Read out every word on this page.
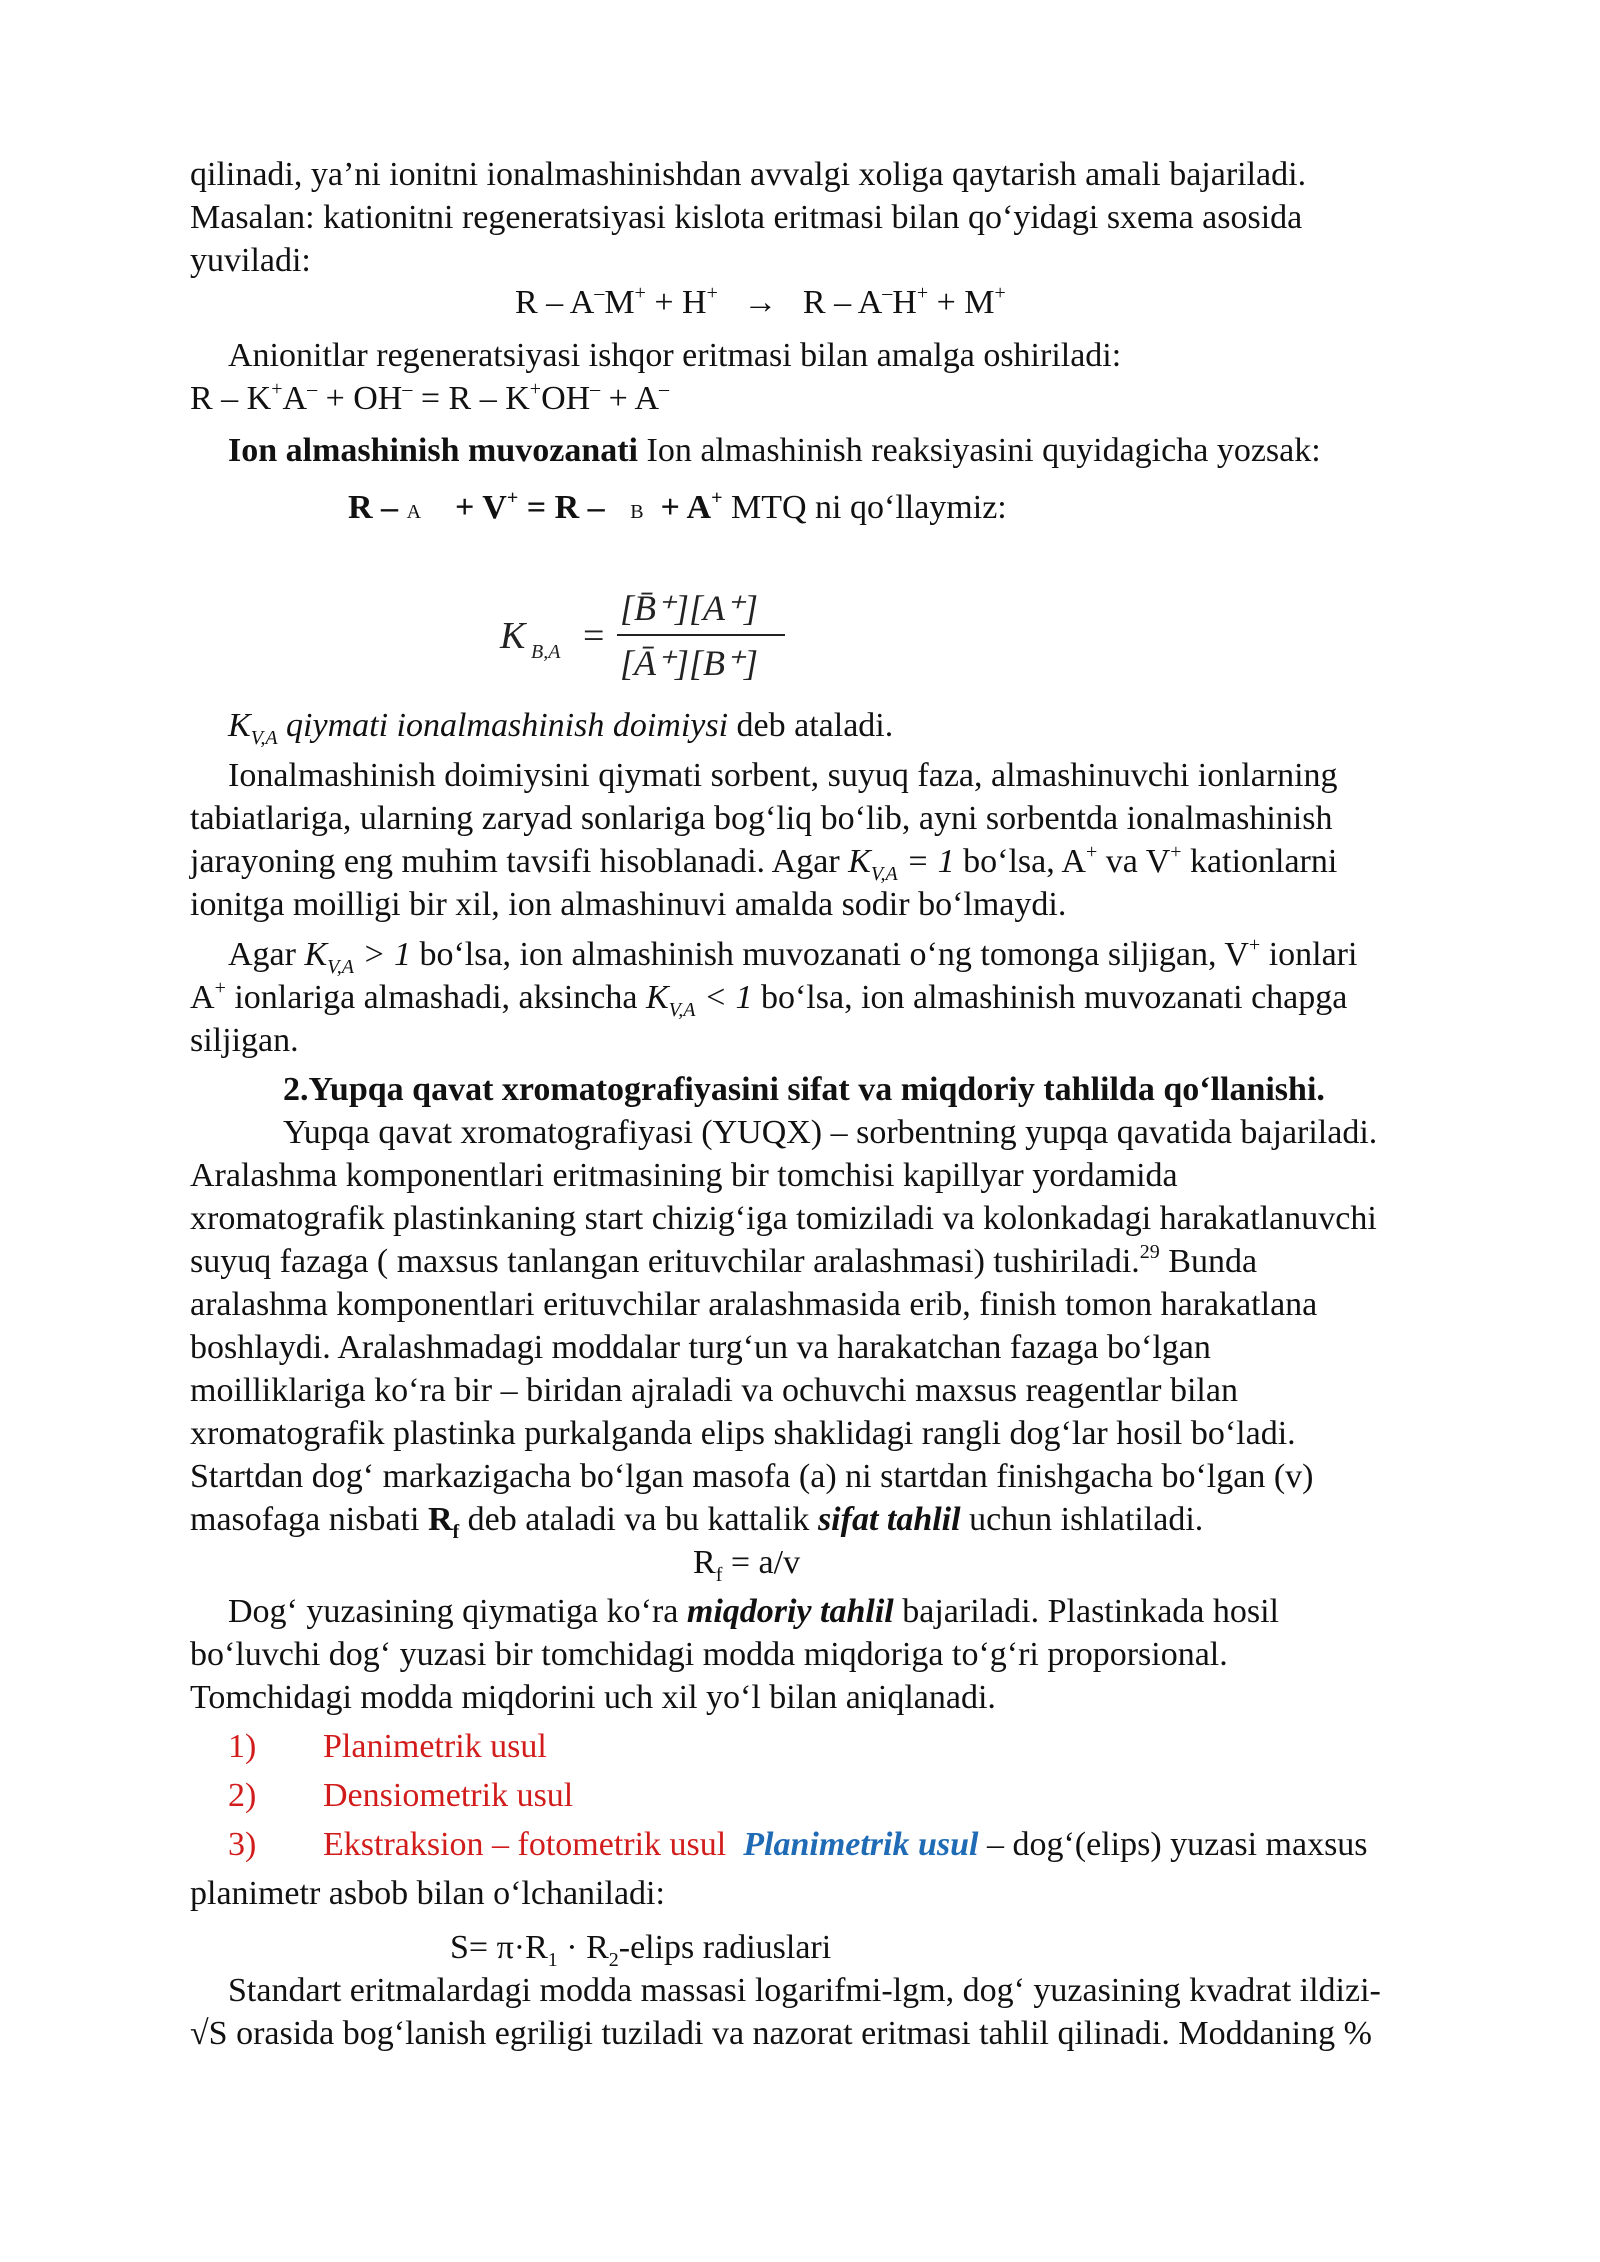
qilinadi, ya’ni ionitni ionalmashinishdan avvalgi xoliga qaytarish amali bajariladi.
Masalan: kationitni regeneratsiyasi kislota eritmasi bilan qo‘yidagi sxema asosida
yuviladi:
R – A–M+ + H+ → R – A–H+ + M+
Anionitlar regeneratsiyasi ishqor eritmasi bilan amalga oshiriladi:
R – K+A– + OH– = R – K+OH– + A–
Ion almashinish muvozanati Ion almashinish reaksiyasini quyidagicha yozsak:
R – A + V+ = R – B + A+ MTQ ni qo‘llaymiz:
K B,A =
[B̄⁺][A⁺]
[Ā⁺][B⁺]
$K_{V,A}$ qiymati ionalmashinish doimiysi deb ataladi.
Ionalmashinish doimiysini qiymati sorbent, suyuq faza, almashinuvchi ionlarning
tabiatlariga, ularning zaryad sonlariga bog‘liq bo‘lib, ayni sorbentda ionalmashinish
jarayoning eng muhim tavsifi hisoblanadi. Agar $K_{V,A} = 1$ bo‘lsa, A+ va V+ kationlarni
ionitga moilligi bir xil, ion almashinuvi amalda sodir bo‘lmaydi.
Agar $K_{V,A} > 1$ bo‘lsa, ion almashinish muvozanati o‘ng tomonga siljigan, V+ ionlari
A+ ionlariga almashadi, aksincha $K_{V,A} < 1$ bo‘lsa, ion almashinish muvozanati chapga
siljigan.
2.Yupqa qavat xromatografiyasini sifat va miqdoriy tahlilda qo‘llanishi.
Yupqa qavat xromatografiyasi (YUQX) – sorbentning yupqa qavatida bajariladi.
Aralashma komponentlari eritmasining bir tomchisi kapillyar yordamida
xromatografik plastinkaning start chizig‘iga tomiziladi va kolonkadagi harakatlanuvchi
suyuq fazaga ( maxsus tanlangan erituvchilar aralashmasi) tushiriladi.$^{29}$ Bunda
aralashma komponentlari erituvchilar aralashmasida erib, finish tomon harakatlana
boshlaydi. Aralashmadagi moddalar turg‘un va harakatchan fazaga bo‘lgan
moilliklariga ko‘ra bir – biridan ajraladi va ochuvchi maxsus reagentlar bilan
xromatografik plastinka purkalganda elips shaklidagi rangli dog‘lar hosil bo‘ladi.
Startdan dog‘ markazigacha bo‘lgan masofa (a) ni startdan finishgacha bo‘lgan (v)
masofaga nisbati $R_f$ deb ataladi va bu kattalik sifat tahlil uchun ishlatiladi.
$R_f = a/v$
Dog‘ yuzasining qiymatiga ko‘ra miqdoriy tahlil bajariladi. Plastinkada hosil
bo‘luvchi dog‘ yuzasi bir tomchidagi modda miqdoriga to‘g‘ri proporsional.
Tomchidagi modda miqdorini uch xil yo‘l bilan aniqlanadi.
1) Planimetrik usul
2) Densiometrik usul
3) Ekstraksion – fotometrik usul Planimetrik usul – dog‘(elips) yuzasi maxsus
planimetr asbob bilan o‘lchaniladi:
$S= \pi\cdot R_1$ · $R_2$-elips radiuslari
Standart eritmalardagi modda massasi logarifmi-lgm, dog‘ yuzasining kvadrat ildizi-
√S orasida bog‘lanish egriligi tuziladi va nazorat eritmasi tahlil qilinadi. Moddaning %
